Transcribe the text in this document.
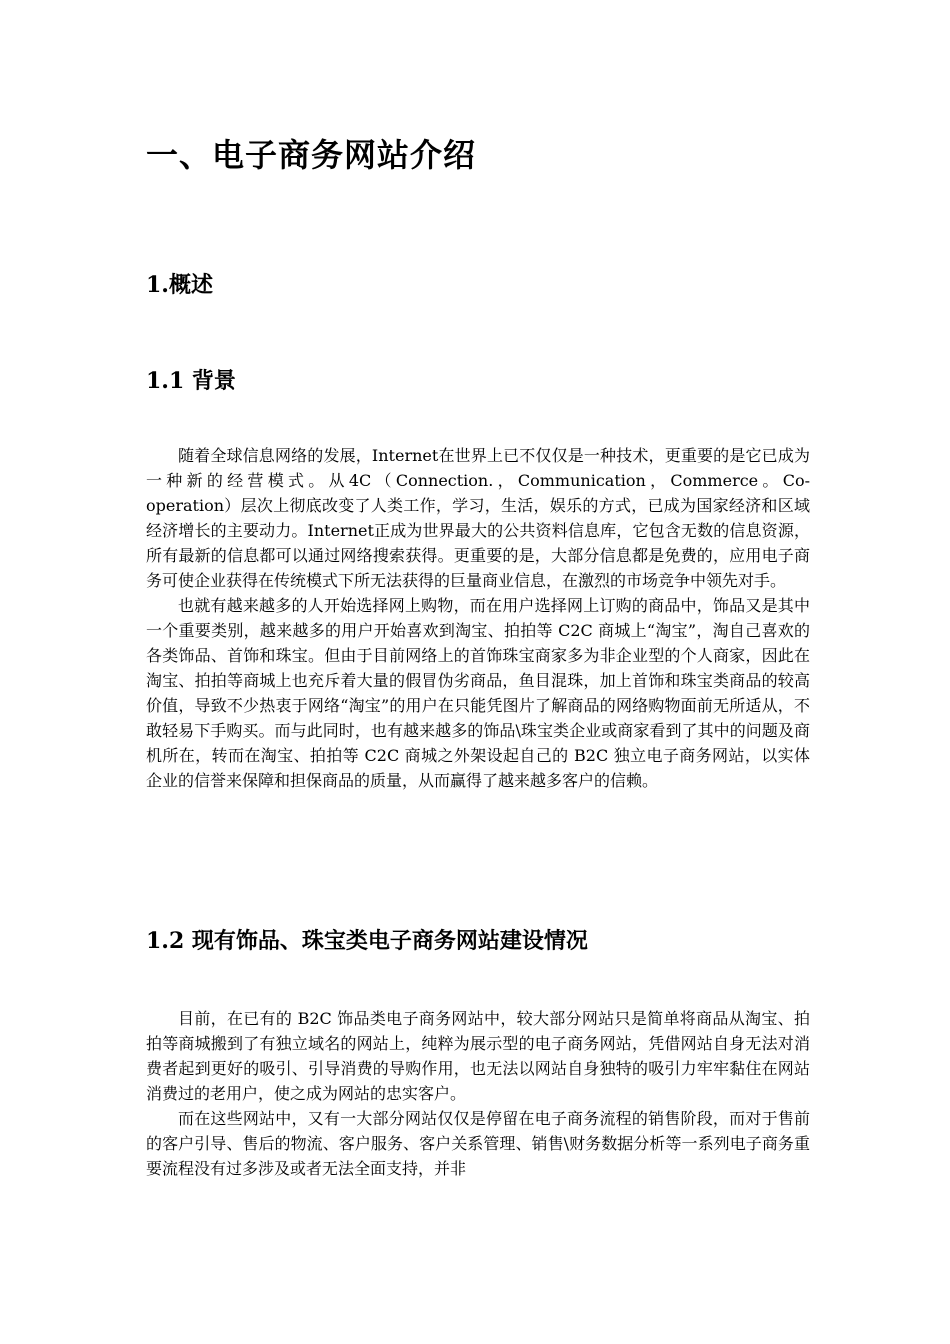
一、电子商务网站介绍
1.概述
1.1 背景

随着全球信息网络的发展，Internet在世界上已不仅仅是一种技术，更重要的是它已成为一种新的经营模式。从4C（Connection.，Communication，Commerce。Co-operation）层次上彻底改变了人类工作，学习，生活，娱乐的方式，已成为国家经济和区域经济增长的主要动力。Internet正成为世界最大的公共资料信息库，它包含无数的信息资源，所有最新的信息都可以通过网络搜索获得。更重要的是，大部分信息都是免费的，应用电子商务可使企业获得在传统模式下所无法获得的巨量商业信息，在激烈的市场竞争中领先对手。

也就有越来越多的人开始选择网上购物，而在用户选择网上订购的商品中，饰品又是其中一个重要类别，越来越多的用户开始喜欢到淘宝、拍拍等 C2C 商城上“淘宝”，淘自己喜欢的各类饰品、首饰和珠宝。但由于目前网络上的首饰珠宝商家多为非企业型的个人商家，因此在淘宝、拍拍等商城上也充斥着大量的假冒伪劣商品，鱼目混珠，加上首饰和珠宝类商品的较高价值，导致不少热衷于网络“淘宝”的用户在只能凭图片了解商品的网络购物面前无所适从，不敢轻易下手购买。而与此同时，也有越来越多的饰品\珠宝类企业或商家看到了其中的问题及商机所在，转而在淘宝、拍拍等 C2C 商城之外架设起自己的 B2C 独立电子商务网站，以实体企业的信誉来保障和担保商品的质量，从而赢得了越来越多客户的信赖。

1.2 现有饰品、珠宝类电子商务网站建设情况

目前，在已有的 B2C 饰品类电子商务网站中，较大部分网站只是简单将商品从淘宝、拍拍等商城搬到了有独立域名的网站上，纯粹为展示型的电子商务网站，凭借网站自身无法对消费者起到更好的吸引、引导消费的导购作用，也无法以网站自身独特的吸引力牢牢黏住在网站消费过的老用户，使之成为网站的忠实客户。

而在这些网站中，又有一大部分网站仅仅是停留在电子商务流程的销售阶段，而对于售前的客户引导、售后的物流、客户服务、客户关系管理、销售\财务数据分析等一系列电子商务重要流程没有过多涉及或者无法全面支持，并非
